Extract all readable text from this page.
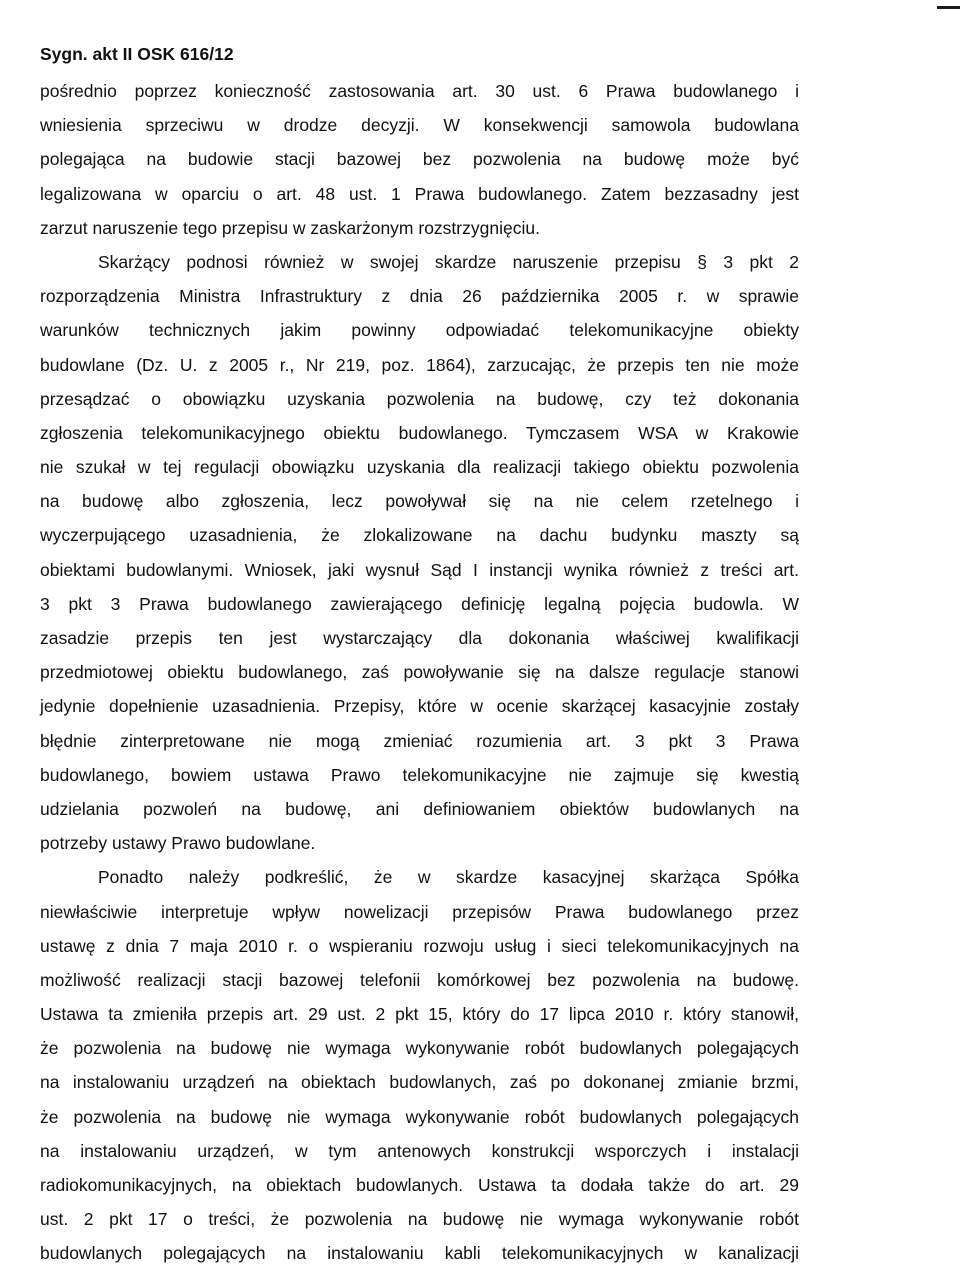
Sygn. akt II OSK 616/12
pośrednio poprzez konieczność zastosowania art. 30 ust. 6 Prawa budowlanego i
wniesienia sprzeciwu w drodze decyzji. W konsekwencji samowola budowlana
polegająca na budowie stacji bazowej bez pozwolenia na budowę może być
legalizowana w oparciu o art. 48 ust. 1 Prawa budowlanego. Zatem bezzasadny jest
zarzut naruszenie tego przepisu w zaskarżonym rozstrzygnięciu.
Skarżący podnosi również w swojej skardze naruszenie przepisu § 3 pkt 2
rozporządzenia Ministra Infrastruktury z dnia 26 października 2005 r. w sprawie
warunków technicznych jakim powinny odpowiadać telekomunikacyjne obiekty
budowlane (Dz. U. z 2005 r., Nr 219, poz. 1864), zarzucając, że przepis ten nie może
przesądzać o obowiązku uzyskania pozwolenia na budowę, czy też dokonania
zgłoszenia telekomunikacyjnego obiektu budowlanego. Tymczasem WSA w Krakowie
nie szukał w tej regulacji obowiązku uzyskania dla realizacji takiego obiektu pozwolenia
na budowę albo zgłoszenia, lecz powoływał się na nie celem rzetelnego i
wyczerpującego uzasadnienia, że zlokalizowane na dachu budynku maszty są
obiektami budowlanymi. Wniosek, jaki wysnuł Sąd I instancji wynika również z treści art.
3 pkt 3 Prawa budowlanego zawierającego definicję legalną pojęcia budowla. W
zasadzie przepis ten jest wystarczający dla dokonania właściwej kwalifikacji
przedmiotowej obiektu budowlanego, zaś powoływanie się na dalsze regulacje stanowi
jedynie dopełnienie uzasadnienia. Przepisy, które w ocenie skarżącej kasacyjnie zostały
błędnie zinterpretowane nie mogą zmieniać rozumienia art. 3 pkt 3 Prawa
budowlanego, bowiem ustawa Prawo telekomunikacyjne nie zajmuje się kwestią
udzielania pozwoleń na budowę, ani definiowaniem obiektów budowlanych na
potrzeby ustawy Prawo budowlane.
Ponadto należy podkreślić, że w skardze kasacyjnej skarżąca Spółka
niewłaściwie interpretuje wpływ nowelizacji przepisów Prawa budowlanego przez
ustawę z dnia 7 maja 2010 r. o wspieraniu rozwoju usług i sieci telekomunikacyjnych na
możliwość realizacji stacji bazowej telefonii komórkowej bez pozwolenia na budowę.
Ustawa ta zmieniła przepis art. 29 ust. 2 pkt 15, który do 17 lipca 2010 r. który stanowił,
że pozwolenia na budowę nie wymaga wykonywanie robót budowlanych polegających
na instalowaniu urządzeń na obiektach budowlanych, zaś po dokonanej zmianie brzmi,
że pozwolenia na budowę nie wymaga wykonywanie robót budowlanych polegających
na instalowaniu urządzeń, w tym antenowych konstrukcji wsporczych i instalacji
radiokomunikacyjnych, na obiektach budowlanych. Ustawa ta dodała także do art. 29
ust. 2 pkt 17 o treści, że pozwolenia na budowę nie wymaga wykonywanie robót
budowlanych polegających na instalowaniu kabli telekomunikacyjnych w kanalizacji
